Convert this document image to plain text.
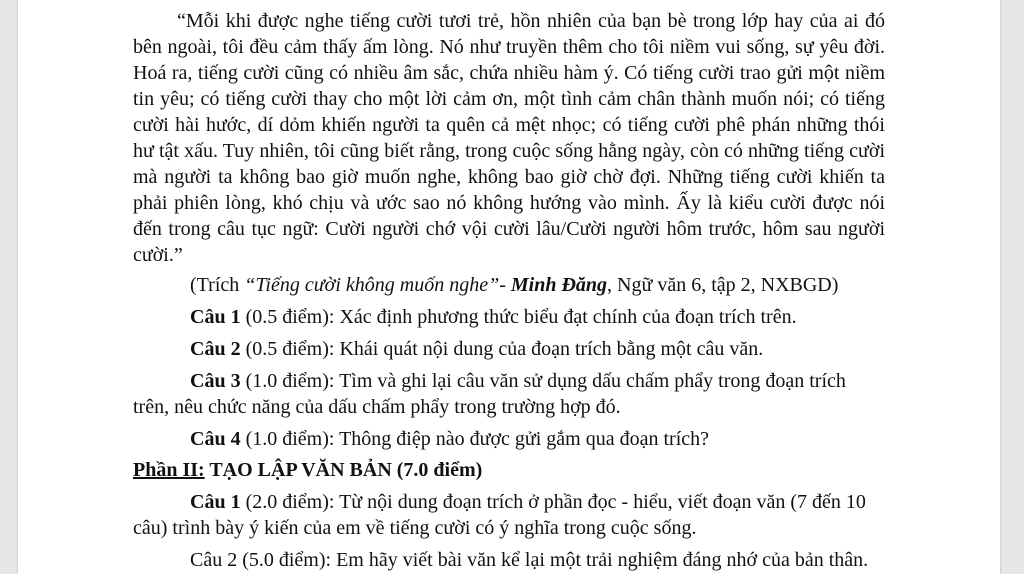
“Mỗi khi được nghe tiếng cười tươi trẻ, hồn nhiên của bạn bè trong lớp hay của ai đó bên ngoài, tôi đều cảm thấy ấm lòng. Nó như truyền thêm cho tôi niềm vui sống, sự yêu đời. Hoá ra, tiếng cười cũng có nhiều âm sắc, chứa nhiều hàm ý. Có tiếng cười trao gửi một niềm tin yêu; có tiếng cười thay cho một lời cảm ơn, một tình cảm chân thành muốn nói; có tiếng cười hài hước, dí dỏm khiến người ta quên cả mệt nhọc; có tiếng cười phê phán những thói hư tật xấu. Tuy nhiên, tôi cũng biết rằng, trong cuộc sống hằng ngày, còn có những tiếng cười mà người ta không bao giờ muốn nghe, không bao giờ chờ đợi. Những tiếng cười khiến ta phải phiên lòng, khó chịu và ước sao nó không hướng vào mình. Ấy là kiểu cười được nói đến trong câu tục ngữ: Cười người chớ vội cười lâu/Cười người hôm trước, hôm sau người cười.”

(Trích “Tiếng cười không muốn nghe”- Minh Đăng, Ngữ văn 6, tập 2, NXBGD)

Câu 1 (0.5 điểm): Xác định phương thức biểu đạt chính của đoạn trích trên.

Câu 2 (0.5 điểm): Khái quát nội dung của đoạn trích bằng một câu văn.

Câu 3 (1.0 điểm): Tìm và ghi lại câu văn sử dụng dấu chấm phẩy trong đoạn trích trên, nêu chức năng của dấu chấm phẩy trong trường hợp đó.

Câu 4 (1.0 điểm): Thông điệp nào được gửi gắm qua đoạn trích?

Phần II: TẠO LẬP VĂN BẢN (7.0 điểm)

Câu 1 (2.0 điểm): Từ nội dung đoạn trích ở phần đọc - hiểu, viết đoạn văn (7 đến 10 câu) trình bày ý kiến của em về tiếng cười có ý nghĩa trong cuộc sống.

Câu 2 (5.0 điểm): Em hãy viết bài văn kể lại một trải nghiệm đáng nhớ của bản thân.
